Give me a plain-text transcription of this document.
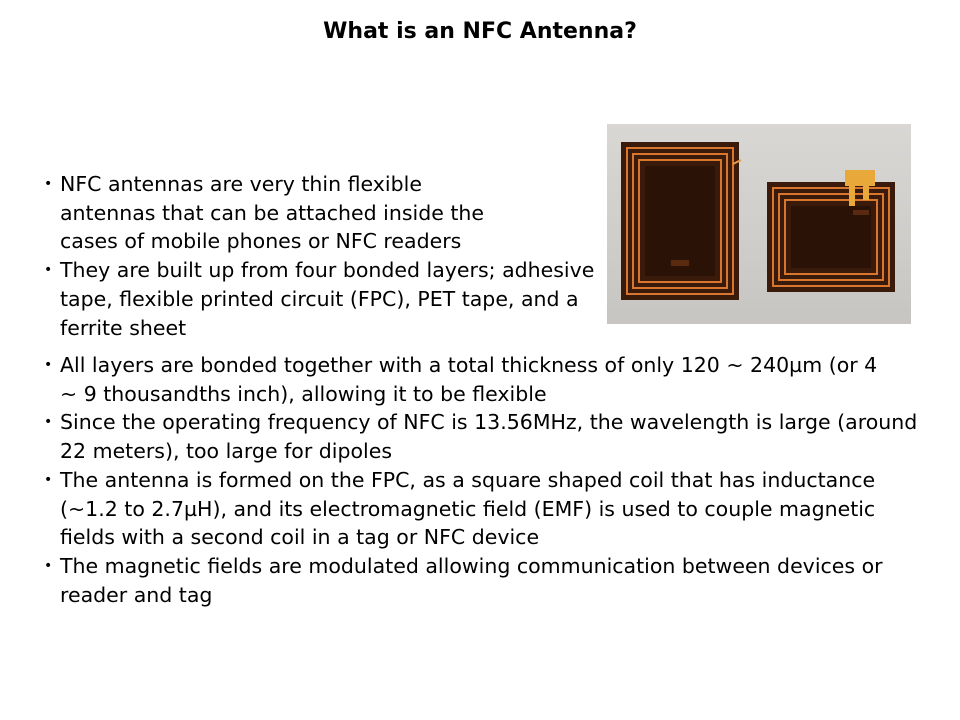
What is an NFC Antenna?
• NFC antennas are very thin flexible antennas that can be attached inside the cases of mobile phones or NFC readers
• They are built up from four bonded layers; adhesive tape, flexible printed circuit (FPC), PET tape, and a ferrite sheet
• All layers are bonded together with a total thickness of only 120 ~ 240µm (or 4 ~ 9 thousandths inch), allowing it to be flexible
• Since the operating frequency of NFC is 13.56MHz, the wavelength is large (around 22 meters), too large for dipoles
• The antenna is formed on the FPC, as a square shaped coil that has inductance (~1.2 to 2.7µH), and its electromagnetic field (EMF) is used to couple magnetic fields with a second coil in a tag or NFC device
• The magnetic fields are modulated allowing communication between devices or reader and tag
